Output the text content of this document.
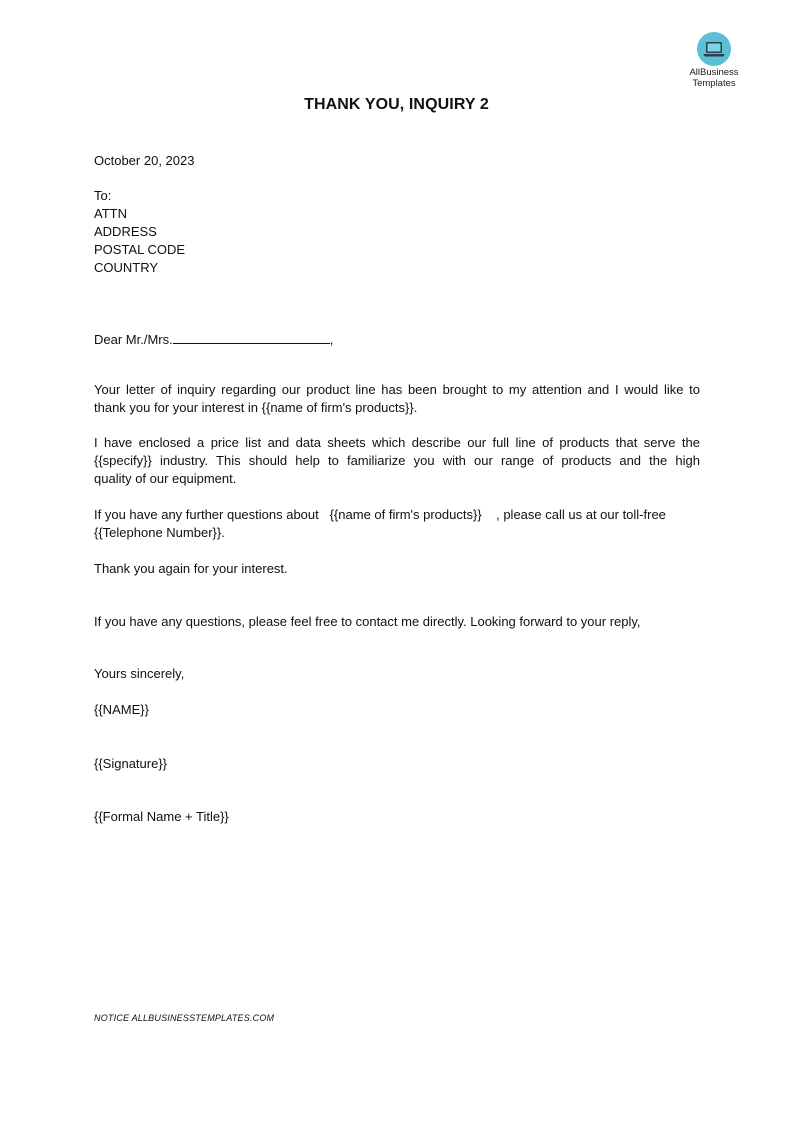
AllBusiness
Templates
THANK YOU, INQUIRY 2
October 20, 2023
To:
ATTN
ADDRESS
POSTAL CODE
COUNTRY
Dear Mr./Mrs.	,
Your letter of inquiry regarding our product line has been brought to my attention and I would like to
thank you for your interest in {{name of firm's products}}.
I have enclosed a price list and data sheets which describe our full line of products that serve the
{{specify}} industry. This should help to familiarize you with our range of products and the high
quality of our equipment.
If you have any further questions about   {{name of firm's products}}    , please call us at our toll-free
{{Telephone Number}}.
Thank you again for your interest.
If you have any questions, please feel free to contact me directly. Looking forward to your reply,
Yours sincerely,
{{NAME}}
{{Signature}}
{{Formal Name + Title}}
NOTICE ALLBUSINESSTEMPLATES.COM
